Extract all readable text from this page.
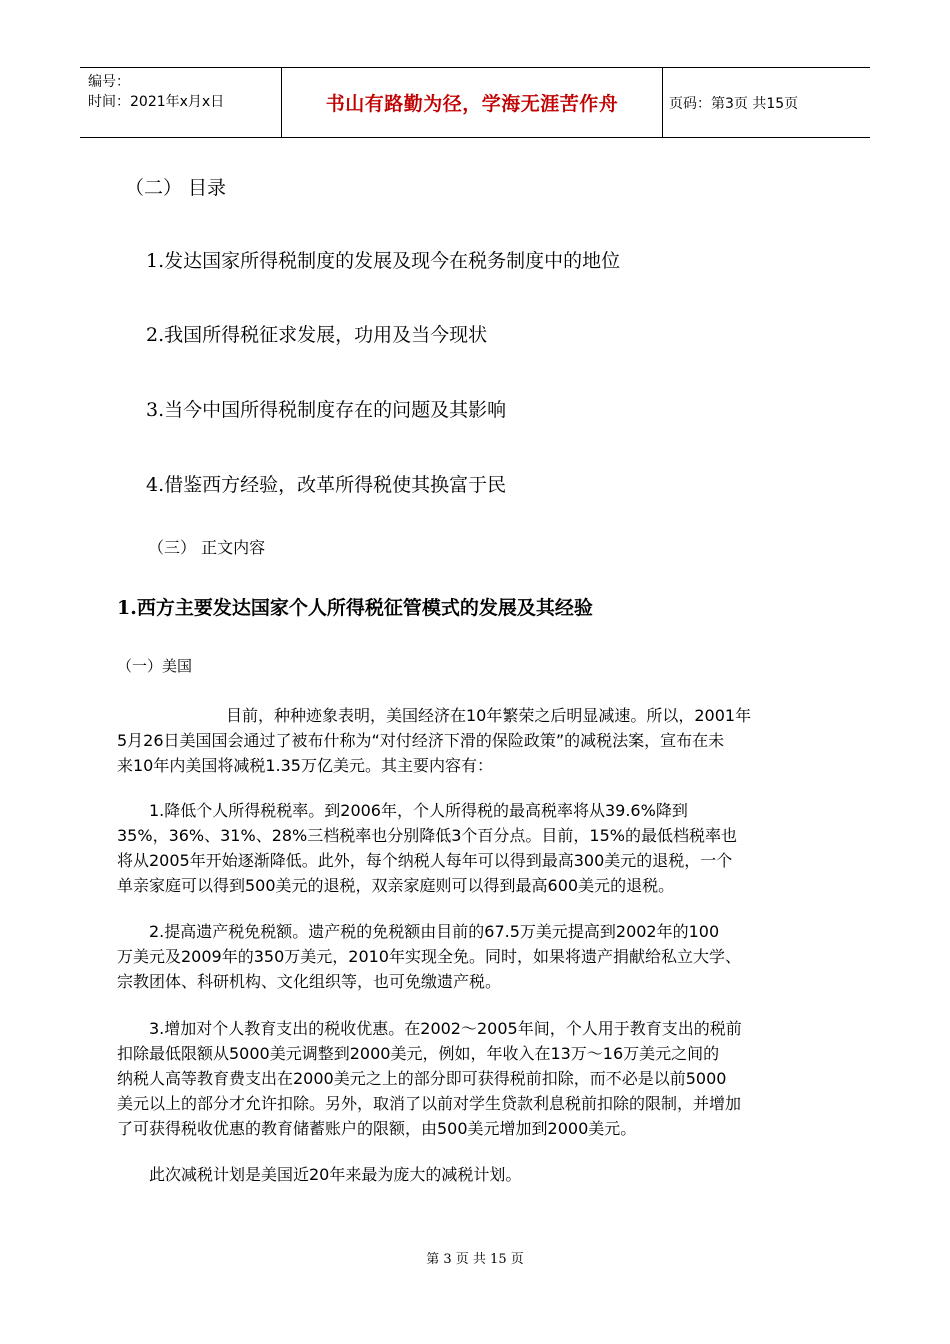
编号：
时间：2021年x月x日	书山有路勤为径，学海无涯苦作舟	页码：第3页 共15页
（二） 目录
1.发达国家所得税制度的发展及现今在税务制度中的地位
2.我国所得税征求发展，功用及当今现状
3.当今中国所得税制度存在的问题及其影响
4.借鉴西方经验，改革所得税使其换富于民
（三） 正文内容
1.西方主要发达国家个人所得税征管模式的发展及其经验
（一）美国
目前，种种迹象表明，美国经济在10年繁荣之后明显减速。所以，2001年
5月26日美国国会通过了被布什称为“对付经济下滑的保险政策”的减税法案，宣布在未
来10年内美国将减税1.35万亿美元。其主要内容有：
1.降低个人所得税税率。到2006年，个人所得税的最高税率将从39.6%降到
35%，36%、31%、28%三档税率也分别降低3个百分点。目前，15%的最低档税率也
将从2005年开始逐渐降低。此外，每个纳税人每年可以得到最高300美元的退税，一个
单亲家庭可以得到500美元的退税，双亲家庭则可以得到最高600美元的退税。
2.提高遗产税免税额。遗产税的免税额由目前的67.5万美元提高到2002年的100
万美元及2009年的350万美元，2010年实现全免。同时，如果将遗产捐献给私立大学、
宗教团体、科研机构、文化组织等，也可免缴遗产税。
3.增加对个人教育支出的税收优惠。在2002～2005年间，个人用于教育支出的税前
扣除最低限额从5000美元调整到2000美元，例如，年收入在13万～16万美元之间的
纳税人高等教育费支出在2000美元之上的部分即可获得税前扣除，而不必是以前5000
美元以上的部分才允许扣除。另外，取消了以前对学生贷款利息税前扣除的限制，并增加
了可获得税收优惠的教育储蓄账户的限额，由500美元增加到2000美元。
此次减税计划是美国近20年来最为庞大的减税计划。
第 3 页 共 15 页
